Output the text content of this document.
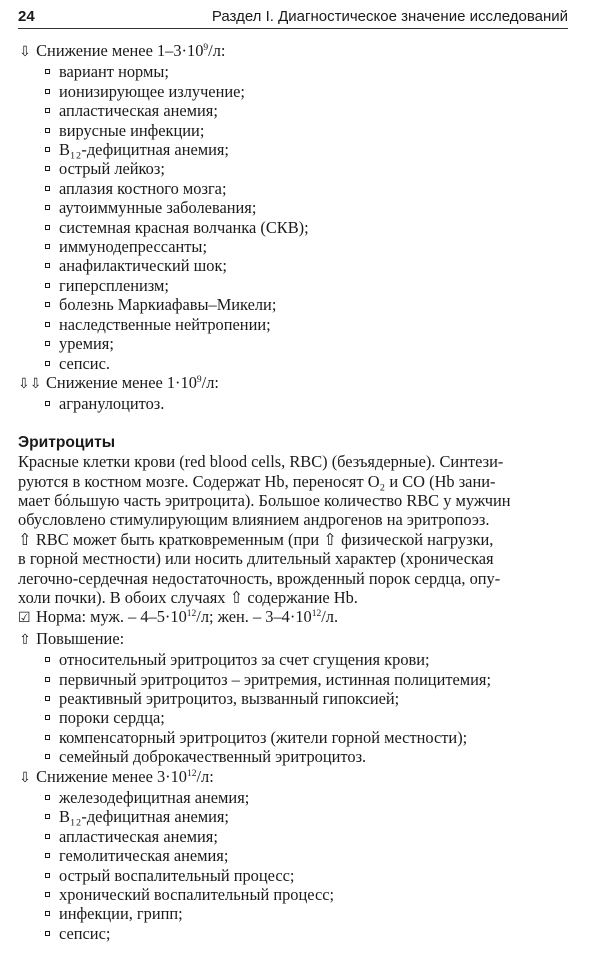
24	Раздел I. Диагностическое значение исследований
⇩ Снижение менее $1-3\cdot 10^9/л$:
вариант нормы;
ионизирующее излучение;
апластическая анемия;
вирусные инфекции;
B₁₂-дефицитная анемия;
острый лейкоз;
аплазия костного мозга;
аутоиммунные заболевания;
системная красная волчанка (СКВ);
иммунодепрессанты;
анафилактический шок;
гиперспленизм;
болезнь Маркиафавы–Микели;
наследственные нейтропении;
уремия;
сепсис.
⇩⇩ Снижение менее $1\cdot 10^9/л$:
агранулоцитоз.
Эритроциты
Красные клетки крови (red blood cells, RBC) (безъядерные). Синтези-
руются в костном мозге. Содержат Hb, переносят O₂ и CO (Hb зани-
мает бóльшую часть эритроцита). Большое количество RBC у мужчин
обусловлено стимулирующим влиянием андрогенов на эритропоэз.
⇧ RBC может быть кратковременным (при ⇧ физической нагрузки,
в горной местности) или носить длительный характер (хроническая
легочно-сердечная недостаточность, врожденный порок сердца, опу-
холи почки). В обоих случаях ⇧ содержание Hb.
☑ Норма: муж. – $4-5\cdot 10^{12}/л$; жен. – $3-4\cdot 10^{12}/л$.
⇧ Повышение:
относительный эритроцитоз за счет сгущения крови;
первичный эритроцитоз – эритремия, истинная полицитемия;
реактивный эритроцитоз, вызванный гипоксией;
пороки сердца;
компенсаторный эритроцитоз (жители горной местности);
семейный доброкачественный эритроцитоз.
⇩ Снижение менее $3\cdot 10^{12}/л$:
железодефицитная анемия;
B₁₂-дефицитная анемия;
апластическая анемия;
гемолитическая анемия;
острый воспалительный процесс;
хронический воспалительный процесс;
инфекции, грипп;
сепсис;
